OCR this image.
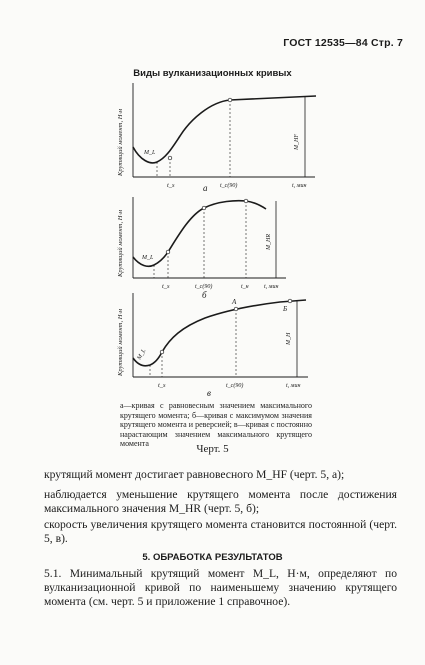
ГОСТ 12535—84 Стр. 7
Виды вулканизационных кривых
Крутящий момент, Н·м	M_L
M_HF
t_s	t_c(90)	t, мин
а
Крутящий момент, Н·м	M_L
M_HR
t_s	t_c(90)	t_н	t, мин
б
Крутящий момент, Н·м M_L
M_H
A
Б
t_s	t_c(90)	t, мин
в
а—кривая с равновесным значением максимального крутящего момента; б—кривая с максимумом значения крутящего момента и реверсией; в—кривая с постоянно нарастающим значением максимального крутящего момента	Черт. 5
крутящий момент достигает равновесного M_HF (черт. 5, а);
наблюдается уменьшение крутящего момента после достижения максимального значения M_HR (черт. 5, б);
скорость увеличения крутящего момента становится постоянной (черт. 5, в).
5. ОБРАБОТКА РЕЗУЛЬТАТОВ
5.1. Минимальный крутящий момент M_L, Н·м, определяют по вулканизационной кривой по наименьшему значению крутящего момента (см. черт. 5 и приложение 1 справочное).
